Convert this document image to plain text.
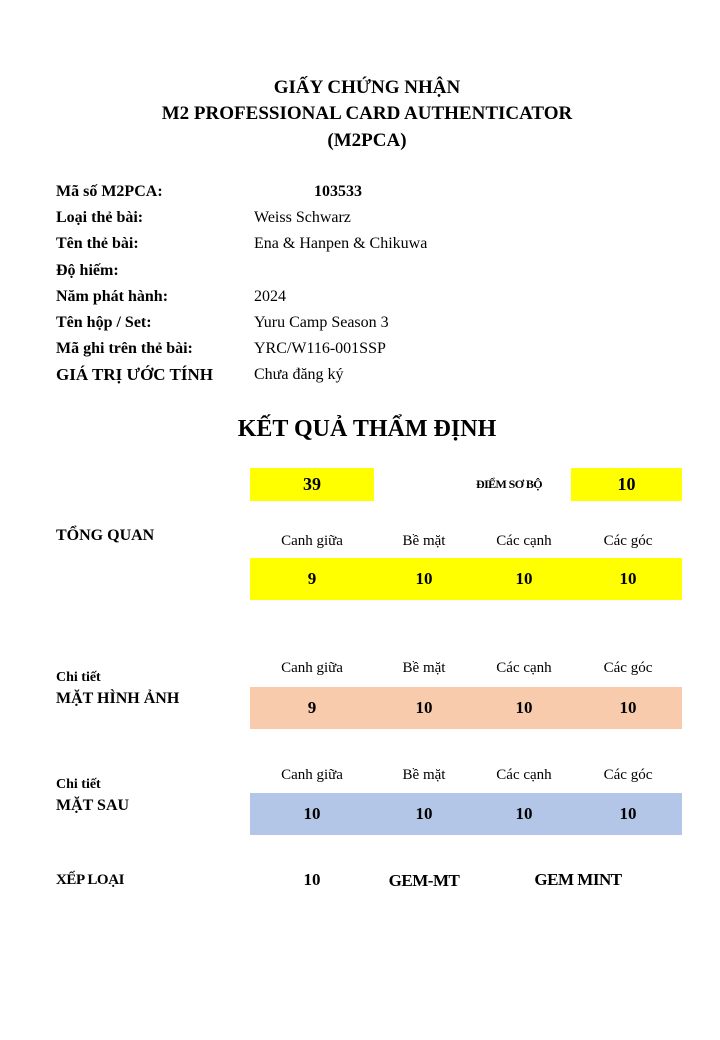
GIẤY CHỨNG NHẬN
M2 PROFESSIONAL CARD AUTHENTICATOR
(M2PCA)
Mã số M2PCA:	103533
Loại thẻ bài:	Weiss Schwarz
Tên thẻ bài:	Ena & Hanpen & Chikuwa
Độ hiếm:
Năm phát hành:	2024
Tên hộp / Set:	Yuru Camp Season 3
Mã ghi trên thẻ bài:	YRC/W116-001SSP
GIÁ TRỊ ƯỚC TÍNH	Chưa đăng ký
KẾT QUẢ THẨM ĐỊNH
39	ĐIỂM SƠ BỘ	10
TỔNG QUAN	Canh giữa	Bề mặt	Các cạnh	Các góc
9	10	10	10
Chi tiết
MẶT HÌNH ẢNH
Canh giữa	Bề mặt	Các cạnh	Các góc
9	10	10	10
Chi tiết
MẶT SAU
Canh giữa	Bề mặt	Các cạnh	Các góc
10	10	10	10
XẾP LOẠI	10	GEM-MT	GEM MINT
